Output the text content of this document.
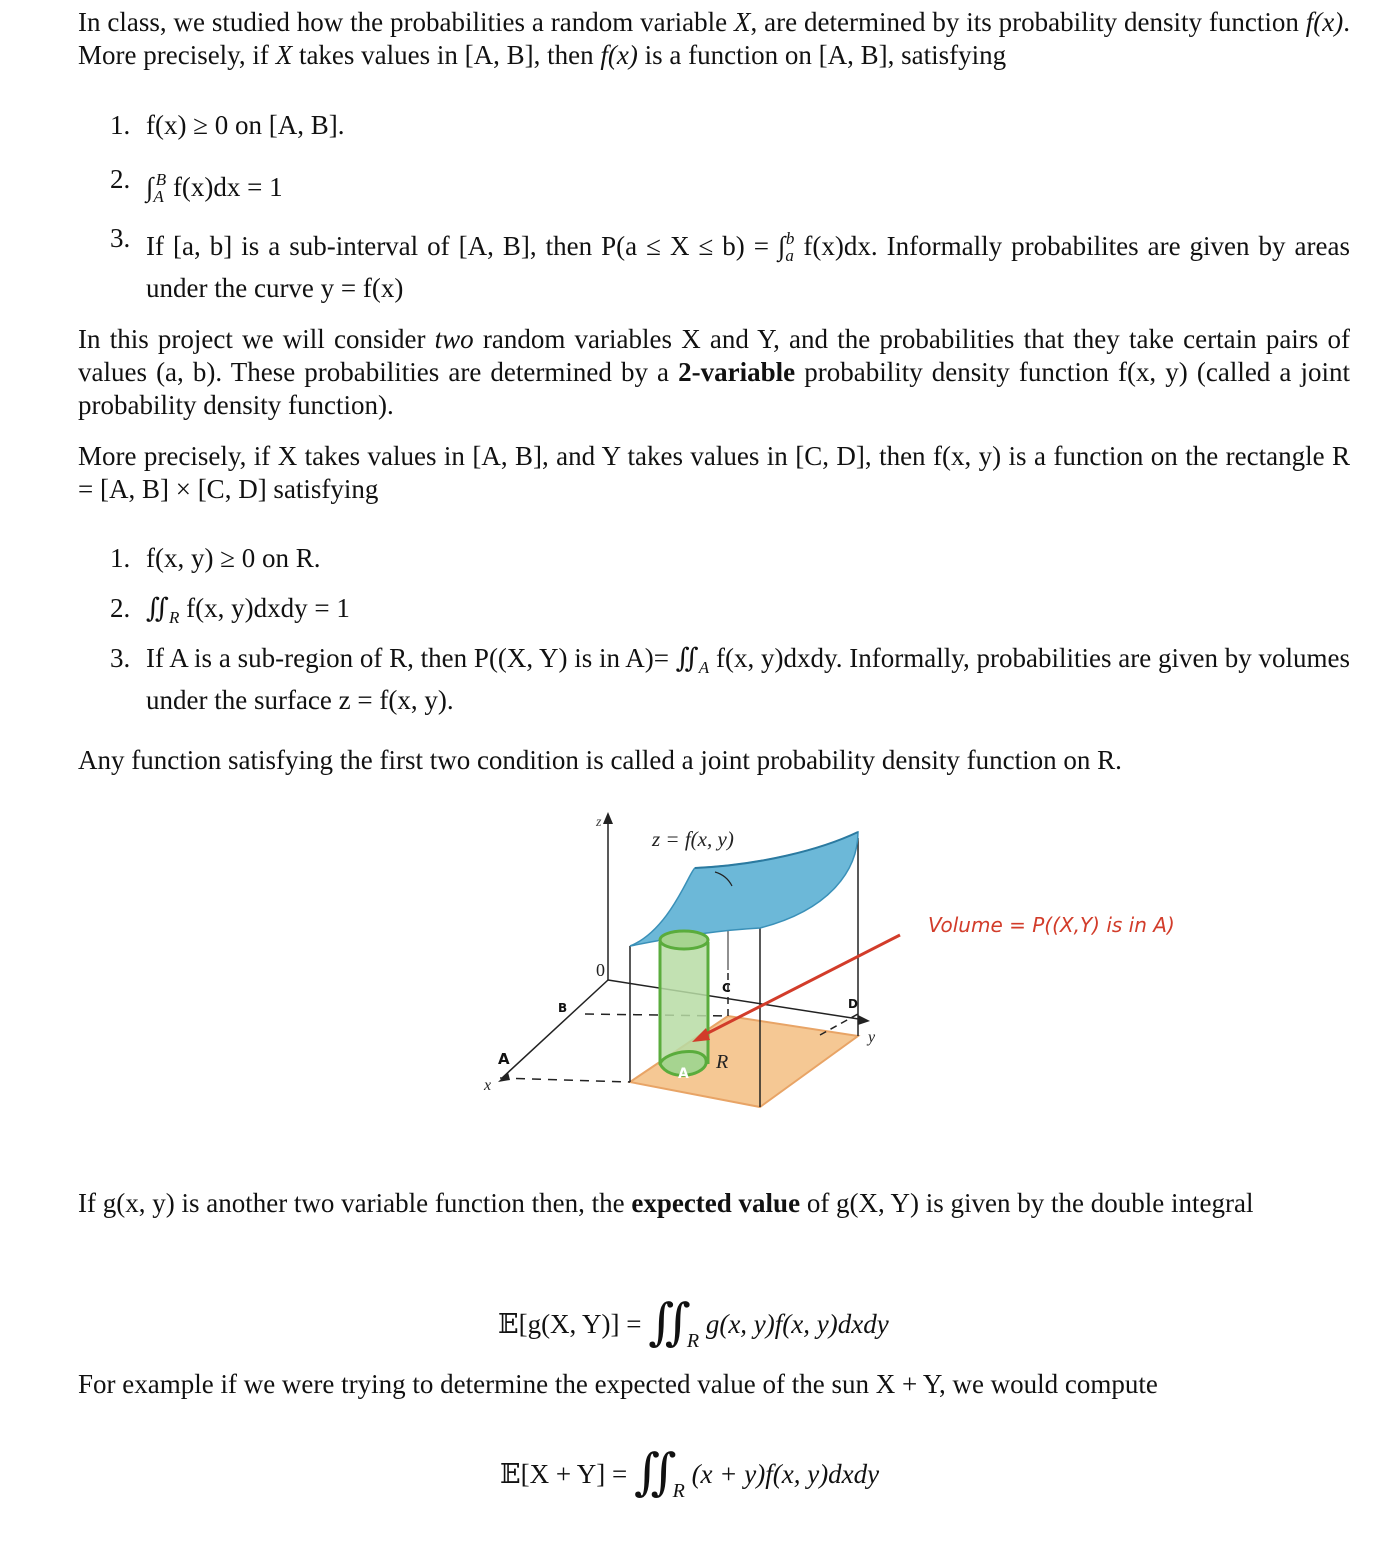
In class, we studied how the probabilities a random variable X, are determined by its probability density function f(x). More precisely, if X takes values in [A, B], then f(x) is a function on [A, B], satisfying
1. f(x) ≥ 0 on [A, B].
2. $\int_A^B$ f(x)dx = 1
3. If [a, b] is a sub-interval of [A, B], then $P(a \le X \le b) = \int_a^b$ f(x)dx. Informally probabilites are given by areas under the curve y = f(x)
In this project we will consider two random variables X and Y, and the probabilities that they take certain pairs of values (a, b). These probabilities are determined by a 2-variable probability density function f(x, y) (called a joint probability density function).
More precisely, if X takes values in [A, B], and Y takes values in [C, D], then f(x, y) is a function on the rectangle R = [A, B] × [C, D] satisfying
1. f(x, y) ≥ 0 on R.
2. $∬_R$ f(x, y)dxdy = 1
3. If A is a sub-region of R, then P((X, Y) is in $A)= ∬_A$ f(x, y)dxdy. Informally, probabilities are given by volumes under the surface z = f(x, y).
Any function satisfying the first two condition is called a joint probability density function on R.
z
z = f(x, y)
0
x
y
R
A
A
B
C
D
Volume = P((X,Y) is in A)
If g(x, y) is another two variable function then, the expected value of g(X, Y) is given by the double integral
𝔼[g(X, Y)] = ∬ $_R$ g(x, y)f(x, y)dxdy
For example if we were trying to determine the expected value of the sun X + Y, we would compute
𝔼[X + Y] = ∬ $_R$ (x + y)f(x, y)dxdy
